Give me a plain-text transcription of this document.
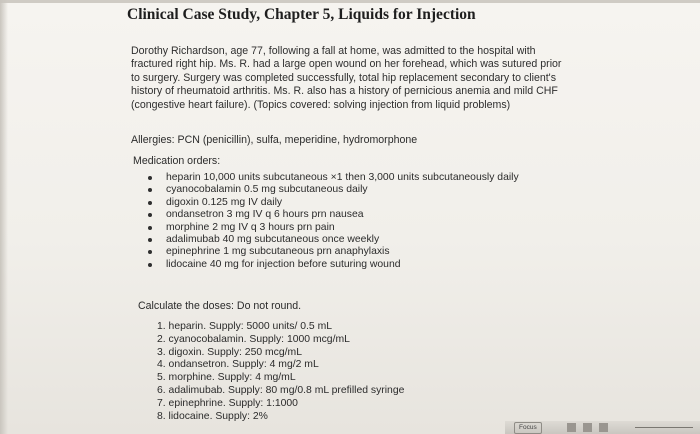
Clinical Case Study, Chapter 5, Liquids for Injection
Dorothy Richardson, age 77, following a fall at home, was admitted to the hospital with fractured right hip. Ms. R. had a large open wound on her forehead, which was sutured prior to surgery. Surgery was completed successfully, total hip replacement secondary to client's history of rheumatoid arthritis. Ms. R. also has a history of pernicious anemia and mild CHF (congestive heart failure). (Topics covered: solving injection from liquid problems)
Allergies: PCN (penicillin), sulfa, meperidine, hydromorphone
Medication orders:
heparin 10,000 units subcutaneous ×1 then 3,000 units subcutaneously daily
cyanocobalamin 0.5 mg subcutaneous daily
digoxin 0.125 mg IV daily
ondansetron 3 mg IV q 6 hours prn nausea
morphine 2 mg IV q 3 hours prn pain
adalimubab 40 mg subcutaneous once weekly
epinephrine 1 mg subcutaneous prn anaphylaxis
lidocaine 40 mg for injection before suturing wound
Calculate the doses: Do not round.
1. heparin. Supply: 5000 units/ 0.5 mL
2. cyanocobalamin. Supply: 1000 mcg/mL
3. digoxin. Supply: 250 mcg/mL
4. ondansetron. Supply: 4 mg/2 mL
5. morphine. Supply: 4 mg/mL
6. adalimubab. Supply: 80 mg/0.8 mL prefilled syringe
7. epinephrine. Supply: 1:1000
8. lidocaine. Supply: 2%
Focus
